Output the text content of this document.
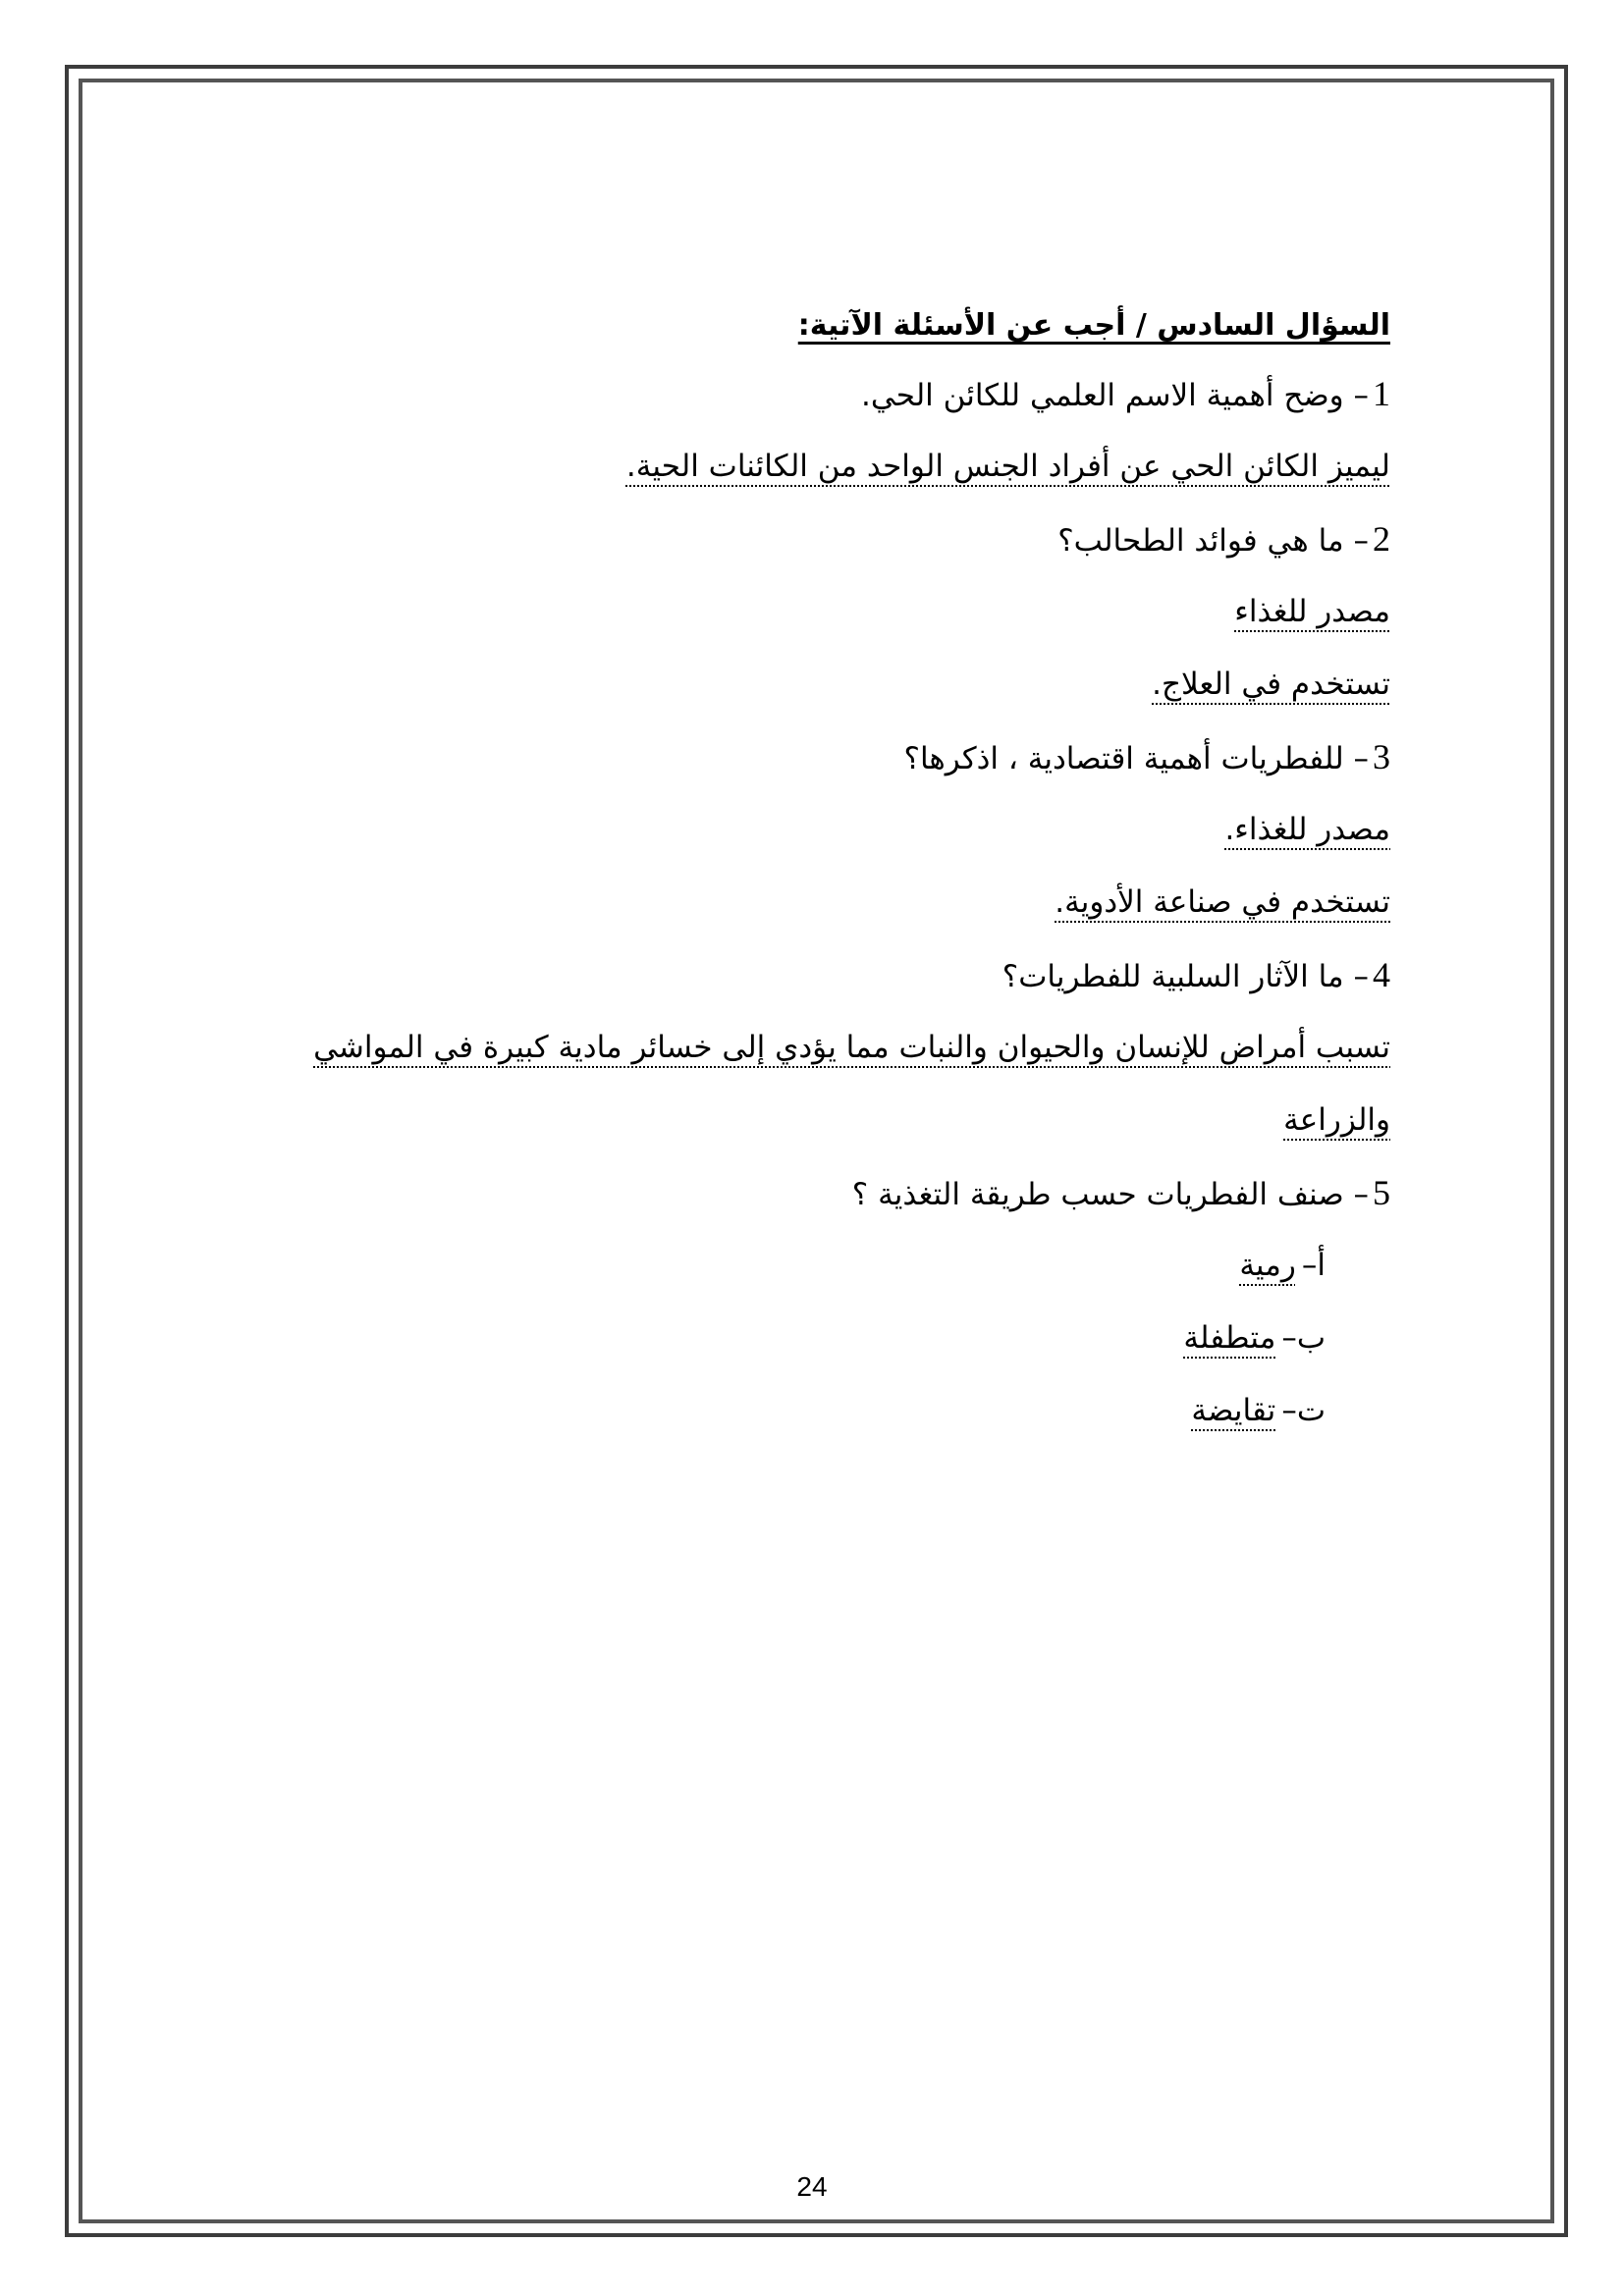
السؤال السادس / أجب عن الأسئلة الآتية:
1– وضح أهمية الاسم العلمي للكائن الحي.
ليميز الكائن الحي عن أفراد الجنس الواحد من الكائنات الحية.
2– ما هي فوائد الطحالب؟
مصدر للغذاء
تستخدم في العلاج.
3– للفطريات أهمية اقتصادية ، اذكرها؟
مصدر للغذاء.
تستخدم في صناعة الأدوية.
4– ما الآثار السلبية للفطريات؟
تسبب أمراض للإنسان والحيوان والنبات مما يؤدي إلى خسائر مادية كبيرة في المواشي
والزراعة
5– صنف الفطريات حسب طريقة التغذية ؟
أ–رمية
ب–متطفلة
ت–تقايضة
24
